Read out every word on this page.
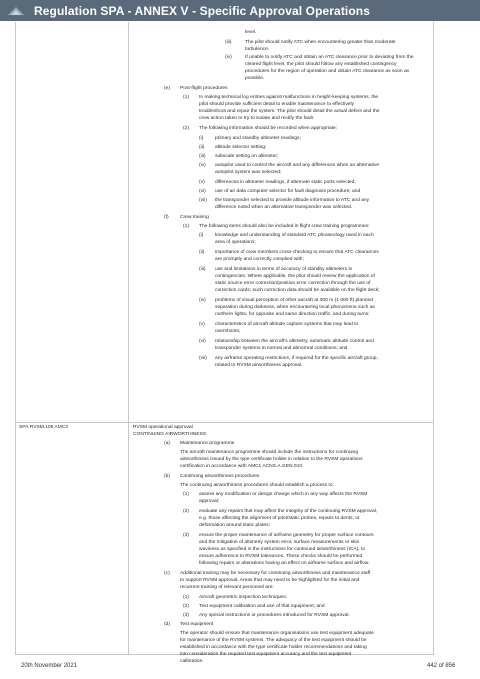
Regulation SPA - ANNEX V - Specific Approval Operations
SPA.RVSM.105 AMC3	RVSM operational approval
CONTINUING AIRWORTHINESS
level.
The pilot should notify ATC when encountering greater than moderate
(iii)
turbulence.
If unable to notify ATC and obtain an ATC clearance prior to deviating from the
(iv)
cleared flight level, the pilot should follow any established contingency
procedures for the region of operation and obtain ATC clearance as soon as
possible.
Post-flight procedures
(e)
In making technical log entries against malfunctions in height-keeping systems, the
(1)
pilot should provide sufficient detail to enable maintenance to effectively
troubleshoot and repair the system. The pilot should detail the actual defect and the
crew action taken to try to isolate and rectify the fault.
The following information should be recorded when appropriate:
(2)
primary and standby altimeter readings;
(i)
altitude selector setting;
(ii)
subscale setting on altimeter;
(iii)
autopilot used to control the aircraft and any differences when an alternative
(iv)
autopilot system was selected;
differences in altimeter readings, if alternate static ports selected;
(v)
use of air data computer selector for fault diagnosis procedure; and
(vi)
the transponder selected to provide altitude information to ATC and any
(vii)
difference noted when an alternative transponder was selected.
Crew training
(f)
The following items should also be included in flight crew training programmes:
(1)
knowledge and understanding of standard ATC phraseology used in each
(i)
area of operations;
importance of crew members cross-checking to ensure that ATC clearances
(ii)
are promptly and correctly complied with;
use and limitations in terms of accuracy of standby altimeters in
(iii)
contingencies. Where applicable, the pilot should review the application of
static source error correction/position error correction through the use of
correction cards; such correction data should be available on the flight deck;
problems of visual perception of other aircraft at 300 m (1 000 ft) planned
(iv)
separation during darkness, when encountering local phenomena such as
northern lights, for opposite and same direction traffic, and during turns;
characteristics of aircraft altitude capture systems that may lead to
(v)
overshoots;
relationship between the aircraft's altimetry, automatic altitude control and
(vi)
transponder systems in normal and abnormal conditions; and
any airframe operating restrictions, if required for the specific aircraft group,
(vii)
related to RVSM airworthiness approval.
Maintenance programme
(a)
The aircraft maintenance programme should include the instructions for continuing
airworthiness issued by the type certificate holder in relation to the RVSM operations
certification in accordance with AMC1 ACNS.A.GEN.010.
Continuing airworthiness procedures
(b)
The continuing airworthiness procedures should establish a process to:
assess any modification or design change which in any way affects the RVSM
(1)
approval;
evaluate any repairs that may affect the integrity of the continuing RVSM approval,
(2)
e.g. those affecting the alignment of pitot/static probes, repairs to dents, or
deformation around static plates;
ensure the proper maintenance of airframe geometry for proper surface contours
(3)
and the mitigation of altimetry system error, surface measurements or skin
waviness as specified in the instructions for continued airworthiness (ICA), to
ensure adherence to RVSM tolerances. These checks should be performed
following repairs or alterations having an effect on airframe surface and airflow.
Additional training may be necessary for continuing airworthiness and maintenance staff
(c)
to support RVSM approval. Areas that may need to be highlighted for the initial and
recurrent training of relevant personnel are:
Aircraft geometric inspection techniques;
(1)
Test equipment calibration and use of that equipment; and
(2)
Any special instructions or procedures introduced for RVSM approval.
(3)
Test equipment
(d)
The operator should ensure that maintenance organisations use test equipment adequate
for maintenance of the RVSM systems. The adequacy of the test equipment should be
established in accordance with the type certificate holder recommendations and taking
into consideration the required test equipment accuracy and the test equipment
calibration.
20th November 2021	442 of 856
